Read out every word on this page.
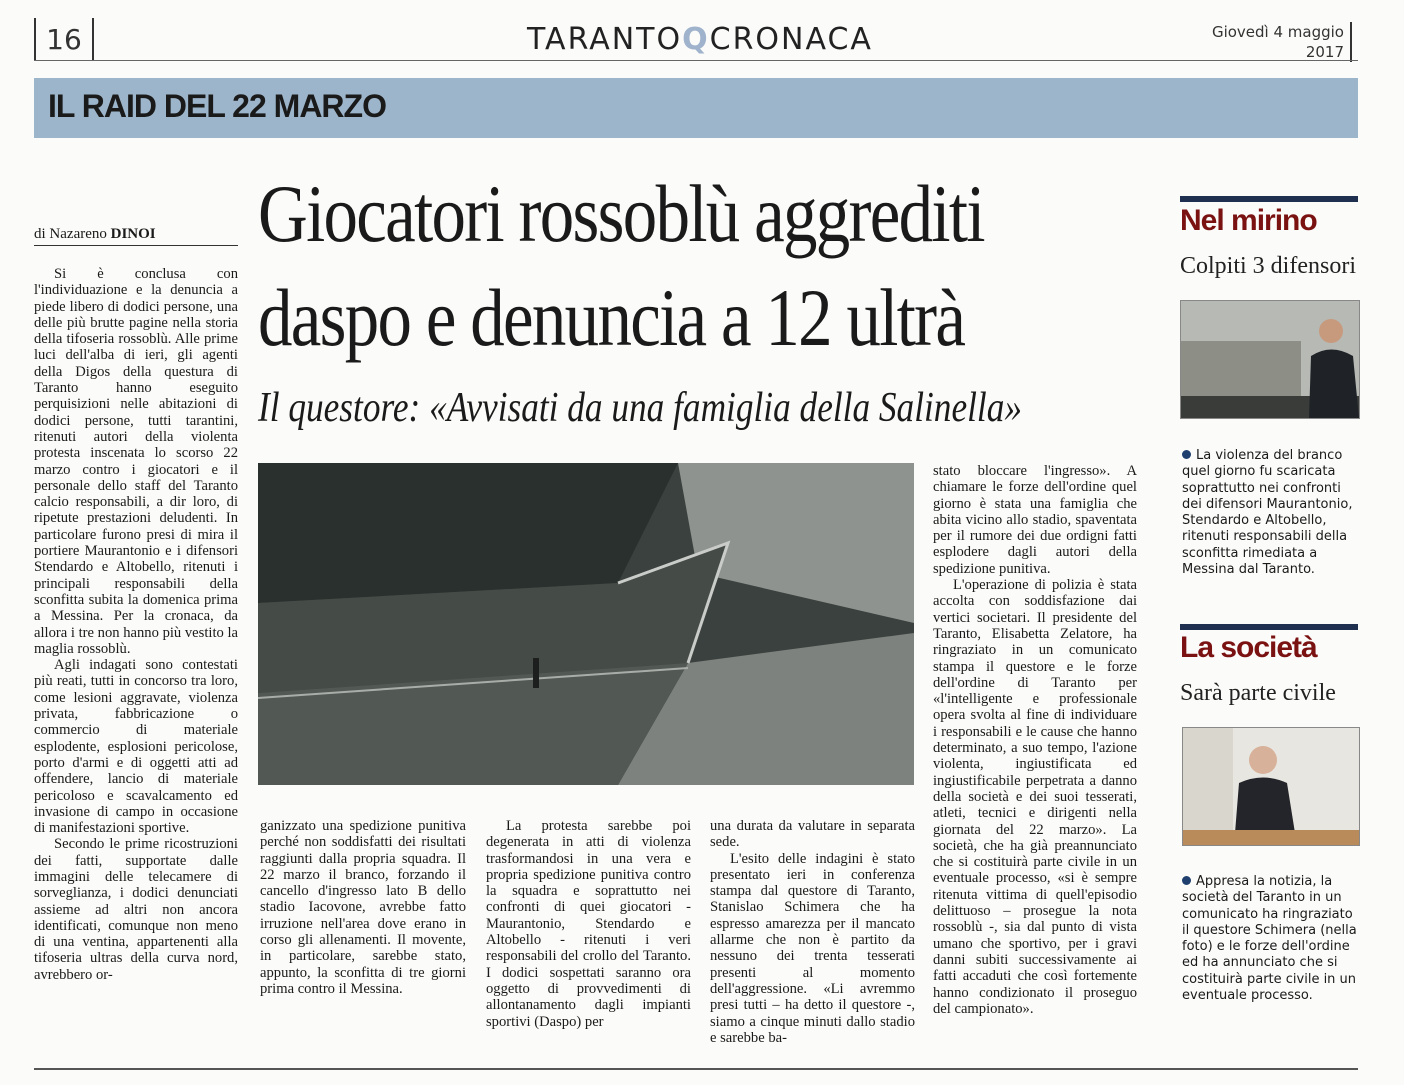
16	TARANTOQCRONACA	Giovedì 4 maggio
2017
IL RAID DEL 22 MARZO
Giocatori rossoblù aggrediti
daspo e denuncia a 12 ultrà
Il questore: «Avvisati da una famiglia della Salinella»
di Nazareno DINOI

Si è conclusa con l'individuazione e la denuncia a piede libero di dodici persone, una delle più brutte pagine nella storia della tifoseria rossoblù. Alle prime luci dell'alba di ieri, gli agenti della Digos della questura di Taranto hanno eseguito perquisizioni nelle abitazioni di dodici persone, tutti tarantini, ritenuti autori della violenta protesta inscenata lo scorso 22 marzo contro i giocatori e il personale dello staff del Taranto calcio responsabili, a dir loro, di ripetute prestazioni deludenti. In particolare furono presi di mira il portiere Maurantonio e i difensori Stendardo e Altobello, ritenuti i principali responsabili della sconfitta subita la domenica prima a Messina. Per la cronaca, da allora i tre non hanno più vestito la maglia rossoblù.

Agli indagati sono contestati più reati, tutti in concorso tra loro, come lesioni aggravate, violenza privata, fabbricazione o commercio di materiale esplodente, esplosioni pericolose, porto d'armi e di oggetti atti ad offendere, lancio di materiale pericoloso e scavalcamento ed invasione di campo in occasione di manifestazioni sportive.

Secondo le prime ricostruzioni dei fatti, supportate dalle immagini delle telecamere di sorveglianza, i dodici denunciati assieme ad altri non ancora identificati, comunque non meno di una ventina, appartenenti alla tifoseria ultras della curva nord, avrebbero or-

ganizzato una spedizione punitiva perché non soddisfatti dei risultati raggiunti dalla propria squadra. Il 22 marzo il branco, forzando il cancello d'ingresso lato B dello stadio Iacovone, avrebbe fatto irruzione nell'area dove erano in corso gli allenamenti. Il movente, in particolare, sarebbe stato, appunto, la sconfitta di tre giorni prima contro il Messina.

La protesta sarebbe poi degenerata in atti di violenza trasformandosi in una vera e propria spedizione punitiva contro la squadra e soprattutto nei confronti di quei giocatori - Maurantonio, Stendardo e Altobello - ritenuti i veri responsabili del crollo del Taranto. I dodici sospettati saranno ora oggetto di provvedimenti di allontanamento dagli impianti sportivi (Daspo) per

una durata da valutare in separata sede.

L'esito delle indagini è stato presentato ieri in conferenza stampa dal questore di Taranto, Stanislao Schimera che ha espresso amarezza per il mancato allarme che non è partito da nessuno dei trenta tesserati presenti al momento dell'aggressione. «Li avremmo presi tutti – ha detto il questore -, siamo a cinque minuti dallo stadio e sarebbe ba-

stato bloccare l'ingresso». A chiamare le forze dell'ordine quel giorno è stata una famiglia che abita vicino allo stadio, spaventata per il rumore dei due ordigni fatti esplodere dagli autori della spedizione punitiva.

L'operazione di polizia è stata accolta con soddisfazione dai vertici societari. Il presidente del Taranto, Elisabetta Zelatore, ha ringraziato in un comunicato stampa il questore e le forze dell'ordine di Taranto per «l'intelligente e professionale opera svolta al fine di individuare i responsabili e le cause che hanno determinato, a suo tempo, l'azione violenta, ingiustificata ed ingiustificabile perpetrata a danno della società e dei suoi tesserati, atleti, tecnici e dirigenti nella giornata del 22 marzo». La società, che ha già preannunciato che si costituirà parte civile in un eventuale processo, «si è sempre ritenuta vittima di quell'episodio delittuoso – prosegue la nota rossoblù -, sia dal punto di vista umano che sportivo, per i gravi danni subiti successivamente ai fatti accaduti che così fortemente hanno condizionato il proseguo del campionato».

Nel mirino
Colpiti 3 difensori
La violenza del branco quel giorno fu scaricata soprattutto nei confronti dei difensori Maurantonio, Stendardo e Altobello, ritenuti responsabili della sconfitta rimediata a Messina dal Taranto.
La società
Sarà parte civile
Appresa la notizia, la società del Taranto in un comunicato ha ringraziato il questore Schimera (nella foto) e le forze dell'ordine ed ha annunciato che si costituirà parte civile in un eventuale processo.
